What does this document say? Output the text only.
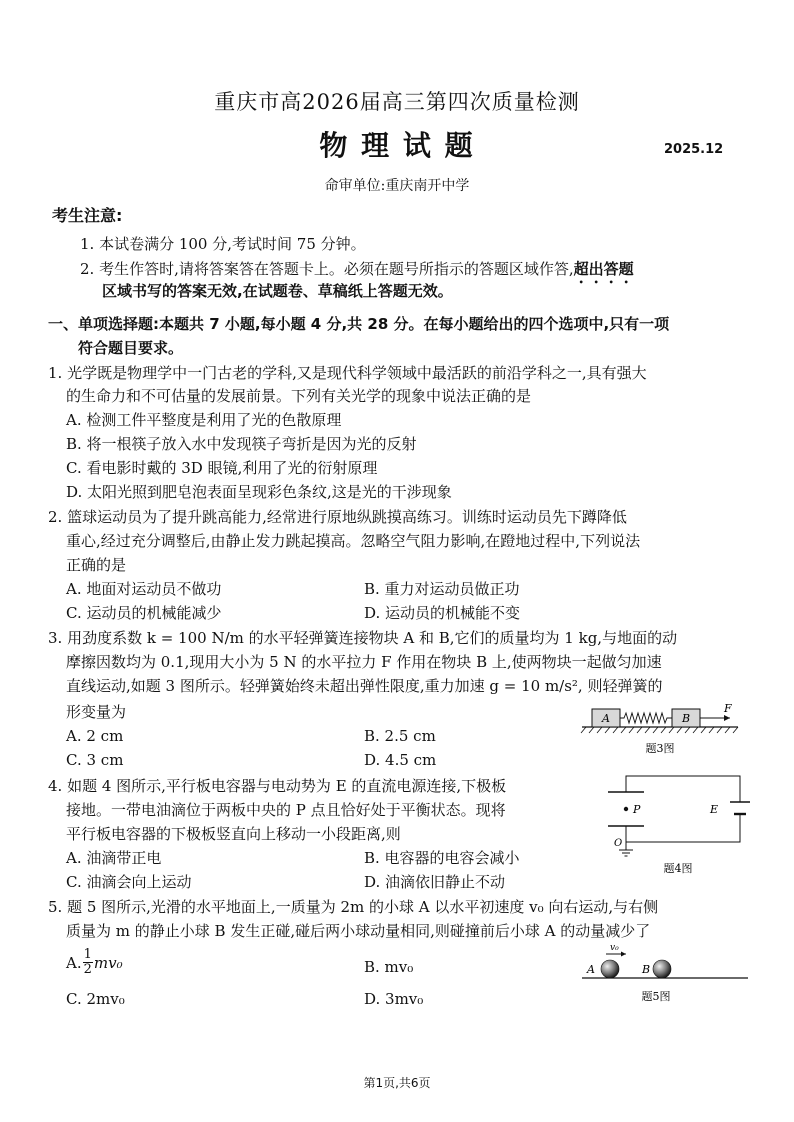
重庆市高2026届高三第四次质量检测
物 理 试 题	2025.12
命审单位:重庆南开中学
考生注意:
1. 本试卷满分 100 分,考试时间 75 分钟。
2. 考生作答时,请将答案答在答题卡上。必须在题号所指示的答题区域作答,超出答题
区域书写的答案无效,在试题卷、草稿纸上答题无效。
一、单项选择题:本题共 7 小题,每小题 4 分,共 28 分。在每小题给出的四个选项中,只有一项
符合题目要求。
1. 光学既是物理学中一门古老的学科,又是现代科学领域中最活跃的前沿学科之一,具有强大
的生命力和不可估量的发展前景。下列有关光学的现象中说法正确的是
A. 检测工件平整度是利用了光的色散原理
B. 将一根筷子放入水中发现筷子弯折是因为光的反射
C. 看电影时戴的 3D 眼镜,利用了光的衍射原理
D. 太阳光照到肥皂泡表面呈现彩色条纹,这是光的干涉现象
2. 篮球运动员为了提升跳高能力,经常进行原地纵跳摸高练习。训练时运动员先下蹲降低
重心,经过充分调整后,由静止发力跳起摸高。忽略空气阻力影响,在蹬地过程中,下列说法
正确的是
A. 地面对运动员不做功	B. 重力对运动员做正功
C. 运动员的机械能减少	D. 运动员的机械能不变
3. 用劲度系数 k = 100 N/m 的水平轻弹簧连接物块 A 和 B,它们的质量均为 1 kg,与地面的动
摩擦因数均为 0.1,现用大小为 5 N 的水平拉力 F 作用在物块 B 上,使两物块一起做匀加速
直线运动,如题 3 图所示。轻弹簧始终未超出弹性限度,重力加速 g = 10 m/s², 则轻弹簧的
形变量为
A. 2 cm	B. 2.5 cm
C. 3 cm	D. 4.5 cm
A	B
F
题3图
4. 如题 4 图所示,平行板电容器与电动势为 E 的直流电源连接,下极板
接地。一带电油滴位于两板中央的 P 点且恰好处于平衡状态。现将
平行板电容器的下极板竖直向上移动一小段距离,则
A. 油滴带正电	B. 电容器的电容会减小
C. 油滴会向上运动	D. 油滴依旧静止不动
P	E
O
题4图
5. 题 5 图所示,光滑的水平地面上,一质量为 2m 的小球 A 以水平初速度 v₀ 向右运动,与右侧
质量为 m 的静止小球 B 发生正碰,碰后两小球动量相同,则碰撞前后小球 A 的动量减少了
A. $\frac{1}{2} mv_0$	B. mv₀
C. 2mv₀	D. 3mv₀
A
v₀
B
题5图
第1页,共6页
